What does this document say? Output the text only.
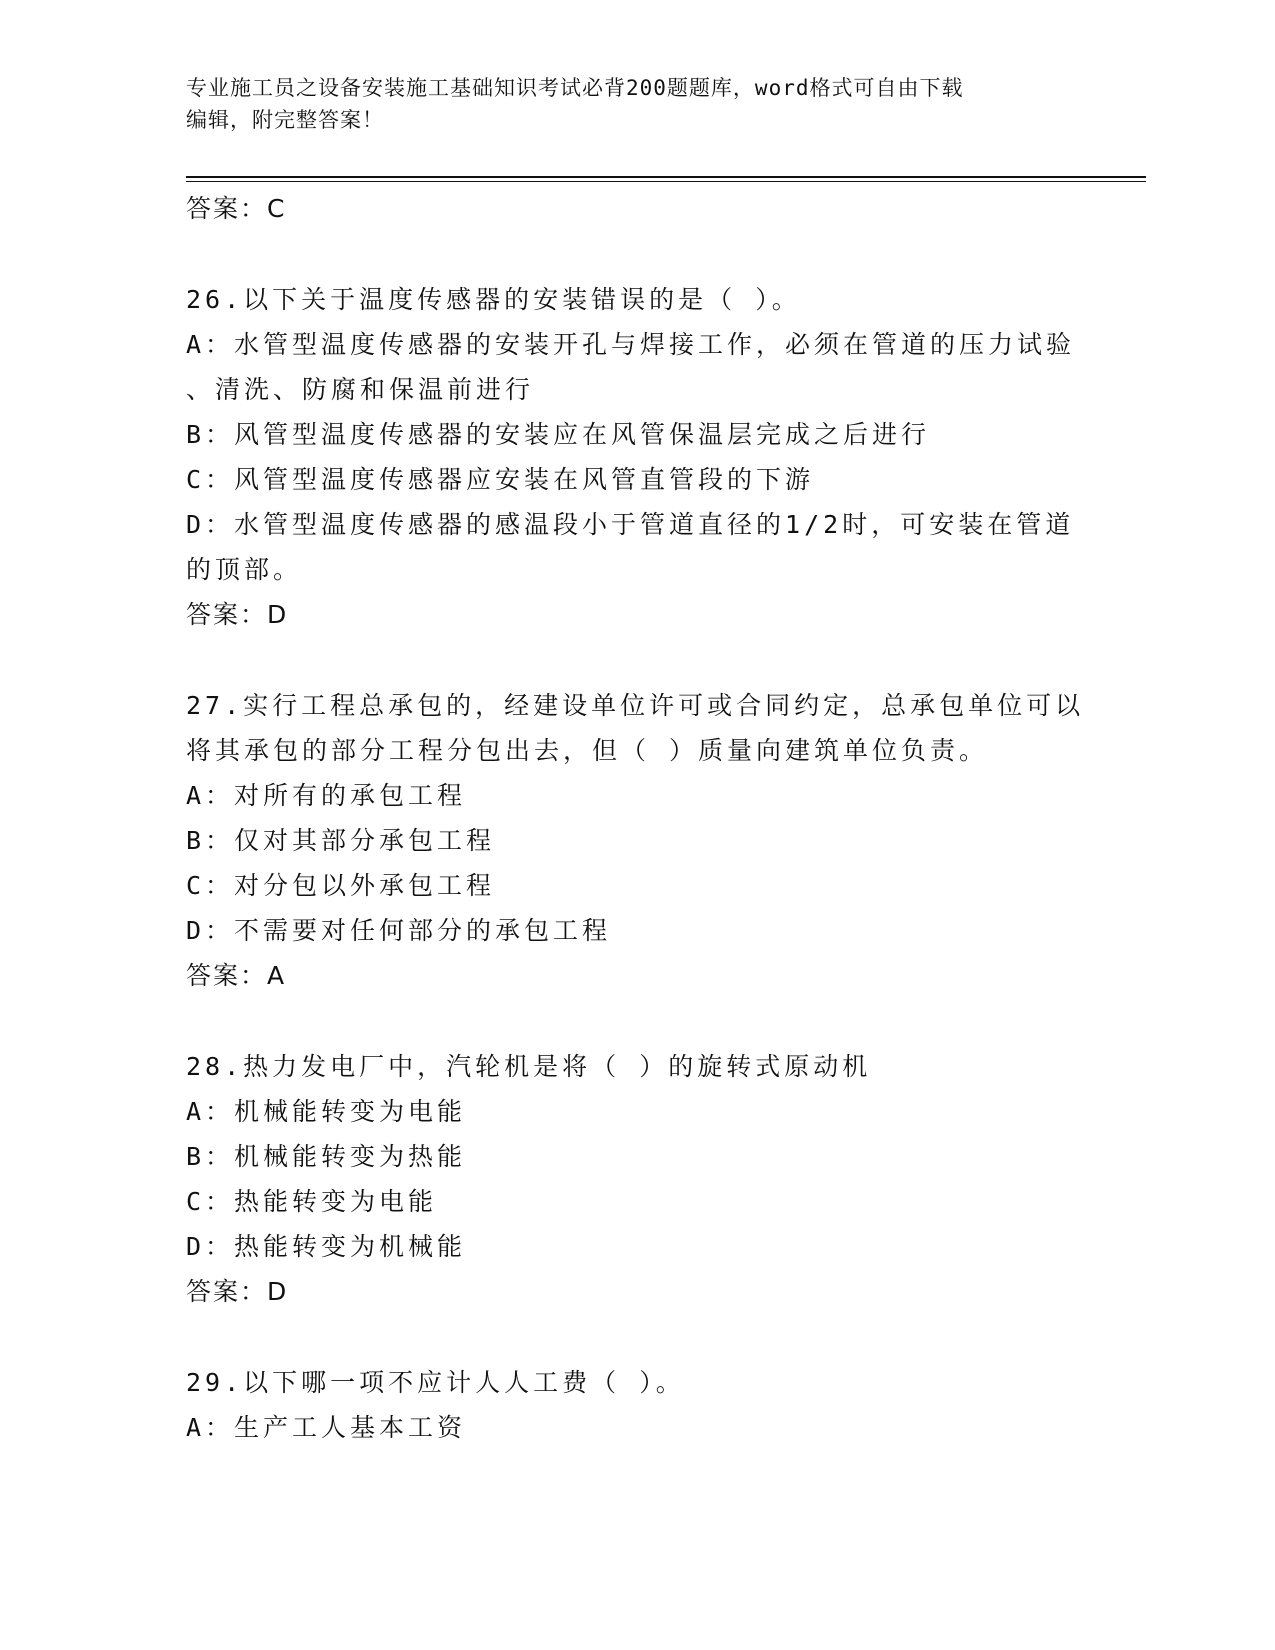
专业施工员之设备安装施工基础知识考试必背200题题库，word格式可自由下载
编辑，附完整答案！
答案：C
26.以下关于温度传感器的安装错误的是（ ）。
A：水管型温度传感器的安装开孔与焊接工作，必须在管道的压力试验
、清洗、防腐和保温前进行
B：风管型温度传感器的安装应在风管保温层完成之后进行
C：风管型温度传感器应安装在风管直管段的下游
D：水管型温度传感器的感温段小于管道直径的1/2时，可安装在管道
的顶部。
答案：D
27.实行工程总承包的，经建设单位许可或合同约定，总承包单位可以
将其承包的部分工程分包出去，但（ ）质量向建筑单位负责。
A：对所有的承包工程
B：仅对其部分承包工程
C：对分包以外承包工程
D：不需要对任何部分的承包工程
答案：A
28.热力发电厂中，汽轮机是将（ ）的旋转式原动机
A：机械能转变为电能
B：机械能转变为热能
C：热能转变为电能
D：热能转变为机械能
答案：D
29.以下哪一项不应计人人工费（ ）。
A：生产工人基本工资
